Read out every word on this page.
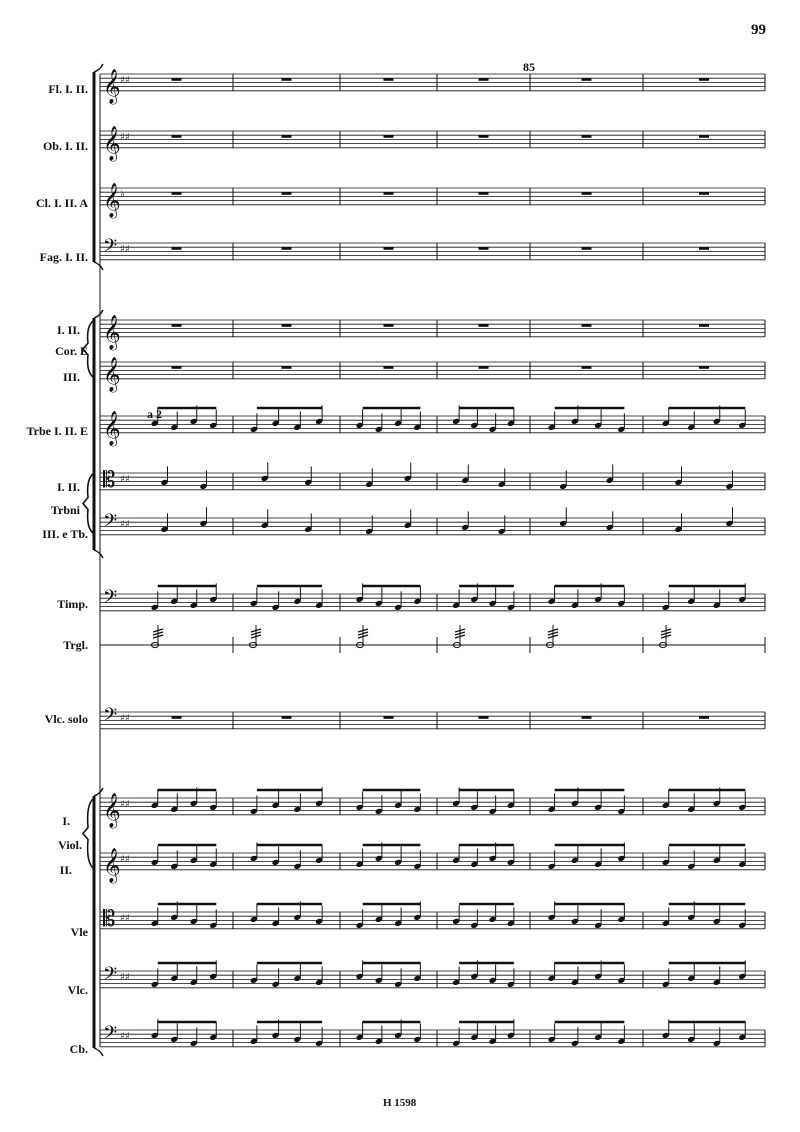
𝄞 ♯♯
𝄞 ♯♯
𝄞 ♭
𝄢 ♯♯
𝄞
𝄞
𝄞
𝄡 ♯♯
𝄢 ♯♯
𝄢
𝄢 ♯♯
𝄞 ♯♯
𝄞 ♯♯
𝄡 ♯♯
𝄢 ♯♯
𝄢 ♯♯
99
85
a 2
H 1598
Fl. I. II.
Ob. I. II.
Cl. I. II. A
Fag. I. II.
I. II.
Cor. E
III.
Trbe I. II. E
I. II.
Trbni
III. e Tb.
Timp.
Trgl.
Vlc. solo
I.
Viol.
II.
Vle
Vlc.
Cb.
